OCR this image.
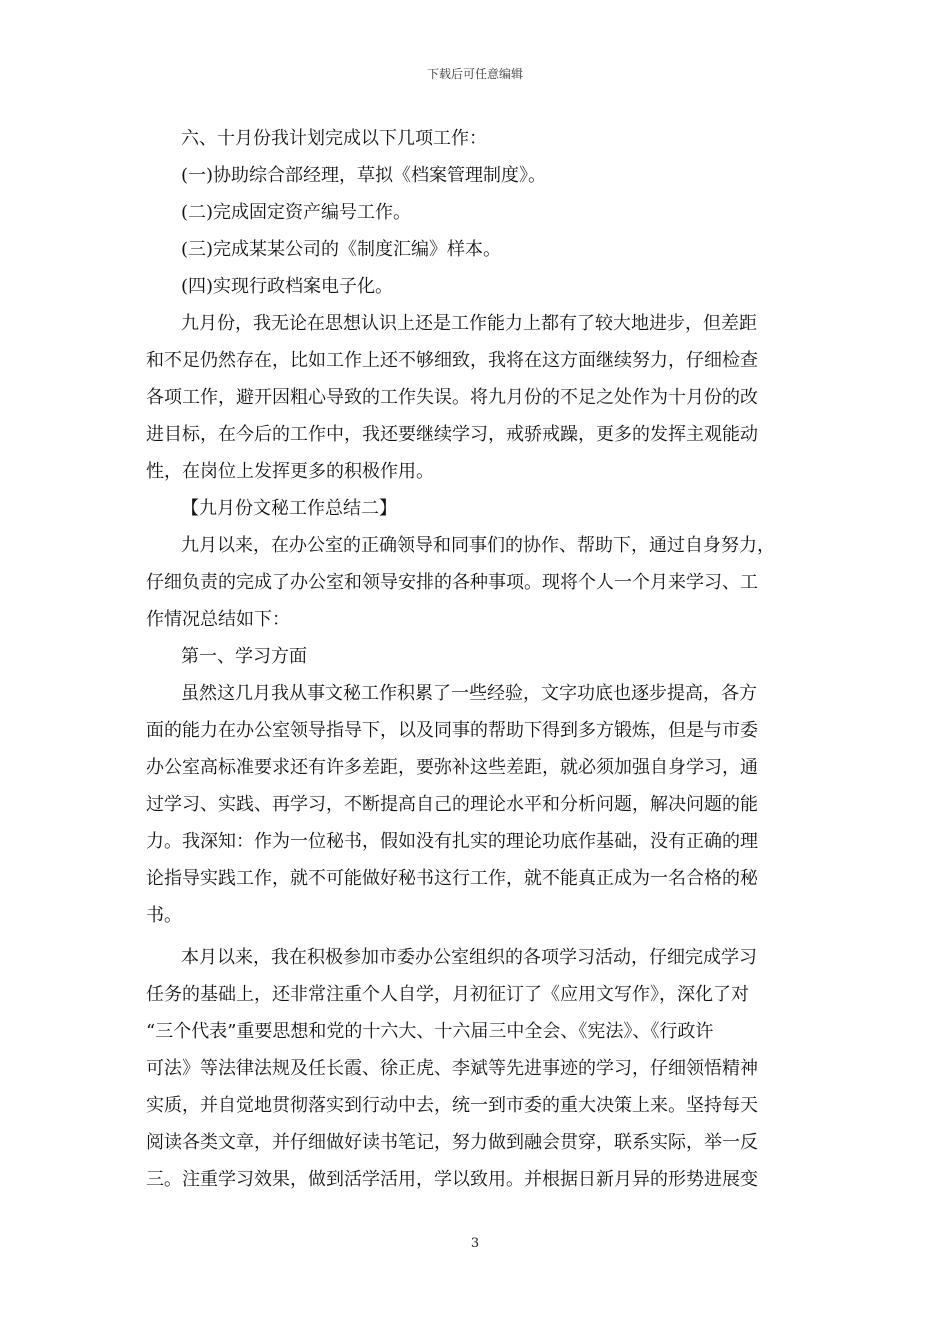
下载后可任意编辑

六、十月份我计划完成以下几项工作：

(一)协助综合部经理，草拟《档案管理制度》。

(二)完成固定资产编号工作。

(三)完成某某公司的《制度汇编》样本。

(四)实现行政档案电子化。

九月份，我无论在思想认识上还是工作能力上都有了较大地进步，但差距

和不足仍然存在，比如工作上还不够细致，我将在这方面继续努力，仔细检查

各项工作，避开因粗心导致的工作失误。将九月份的不足之处作为十月份的改

进目标，在今后的工作中，我还要继续学习，戒骄戒躁，更多的发挥主观能动

性，在岗位上发挥更多的积极作用。

【九月份文秘工作总结二】

九月以来，在办公室的正确领导和同事们的协作、帮助下，通过自身努力，

仔细负责的完成了办公室和领导安排的各种事项。现将个人一个月来学习、工

作情况总结如下：

第一、学习方面

虽然这几月我从事文秘工作积累了一些经验，文字功底也逐步提高，各方

面的能力在办公室领导指导下，以及同事的帮助下得到多方锻炼，但是与市委

办公室高标准要求还有许多差距，要弥补这些差距，就必须加强自身学习，通

过学习、实践、再学习，不断提高自己的理论水平和分析问题，解决问题的能

力。我深知：作为一位秘书，假如没有扎实的理论功底作基础，没有正确的理

论指导实践工作，就不可能做好秘书这行工作，就不能真正成为一名合格的秘

书。

本月以来，我在积极参加市委办公室组织的各项学习活动，仔细完成学习

任务的基础上，还非常注重个人自学，月初征订了《应用文写作》，深化了对

“三个代表”重要思想和党的十六大、十六届三中全会、《宪法》、《行政许

可法》等法律法规及任长霞、徐正虎、李斌等先进事迹的学习，仔细领悟精神

实质，并自觉地贯彻落实到行动中去，统一到市委的重大决策上来。坚持每天

阅读各类文章，并仔细做好读书笔记，努力做到融会贯穿，联系实际，举一反

三。注重学习效果，做到活学活用，学以致用。并根据日新月异的形势进展变

3
